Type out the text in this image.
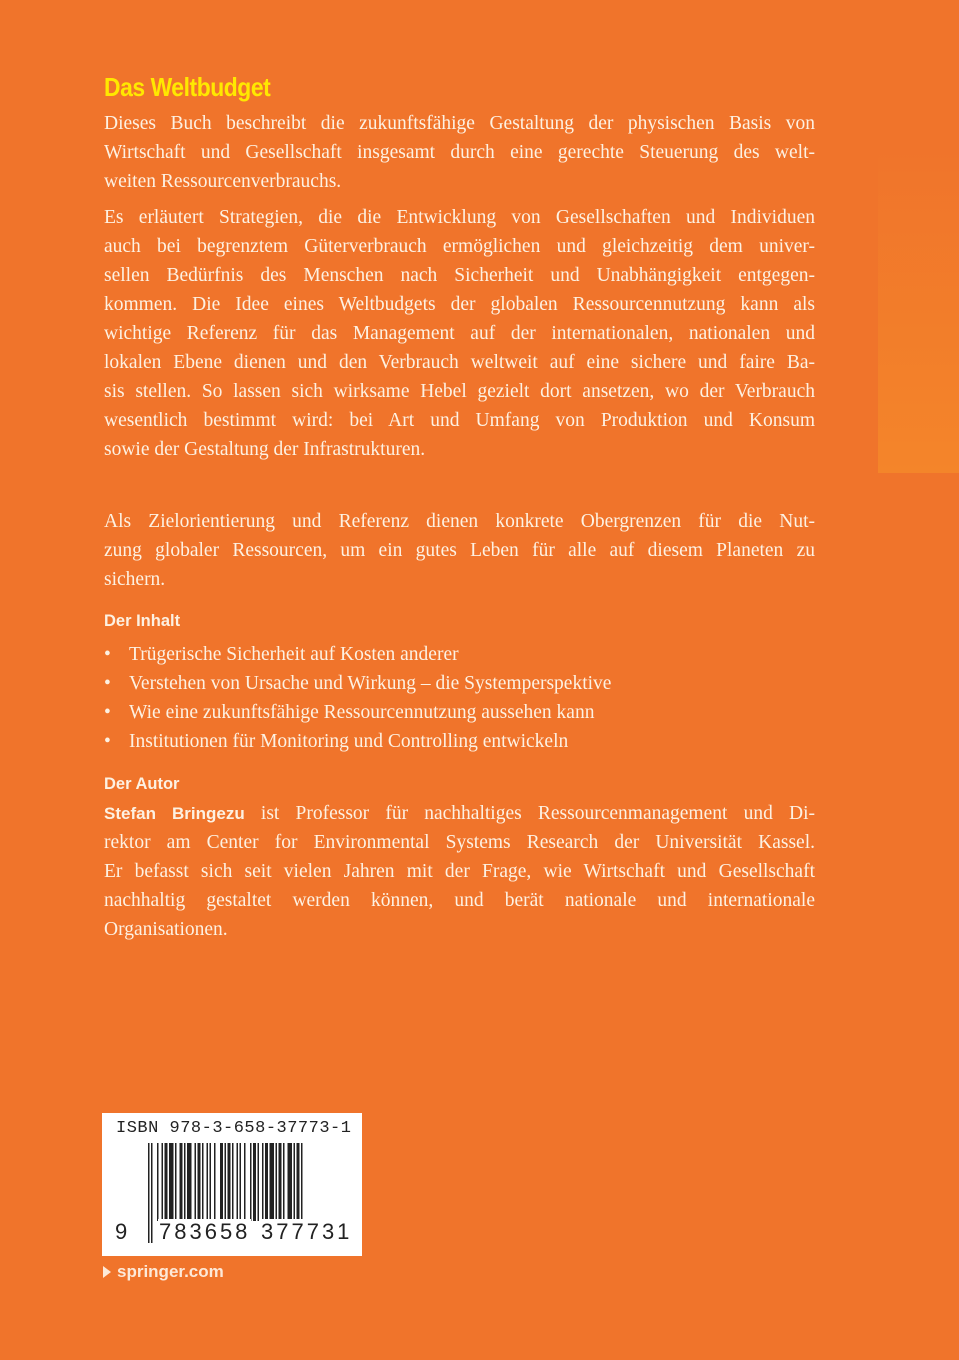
Das Weltbudget
Dieses Buch beschreibt die zukunftsfähige Gestaltung der physischen Basis von
Wirtschaft und Gesellschaft insgesamt durch eine gerechte Steuerung des welt-
weiten Ressourcenverbrauchs.
Es erläutert Strategien, die die Entwicklung von Gesellschaften und Individuen
auch bei begrenztem Güterverbrauch ermöglichen und gleichzeitig dem univer-
sellen Bedürfnis des Menschen nach Sicherheit und Unabhängigkeit entgegen-
kommen. Die Idee eines Weltbudgets der globalen Ressourcennutzung kann als
wichtige Referenz für das Management auf der internationalen, nationalen und
lokalen Ebene dienen und den Verbrauch weltweit auf eine sichere und faire Ba-
sis stellen. So lassen sich wirksame Hebel gezielt dort ansetzen, wo der Verbrauch
wesentlich bestimmt wird: bei Art und Umfang von Produktion und Konsum
sowie der Gestaltung der Infrastrukturen.
Als Zielorientierung und Referenz dienen konkrete Obergrenzen für die Nut-
zung globaler Ressourcen, um ein gutes Leben für alle auf diesem Planeten zu
sichern.
Der Inhalt
• Trügerische Sicherheit auf Kosten anderer
• Verstehen von Ursache und Wirkung – die Systemperspektive
• Wie eine zukunftsfähige Ressourcennutzung aussehen kann
• Institutionen für Monitoring und Controlling entwickeln
Der Autor
Stefan Bringezu ist Professor für nachhaltiges Ressourcenmanagement und Di-
rektor am Center for Environmental Systems Research der Universität Kassel.
Er befasst sich seit vielen Jahren mit der Frage, wie Wirtschaft und Gesellschaft
nachhaltig gestaltet werden können, und berät nationale und internationale
Organisationen.
ISBN 978-3-658-37773-1
9 783658 377731
springer.com
